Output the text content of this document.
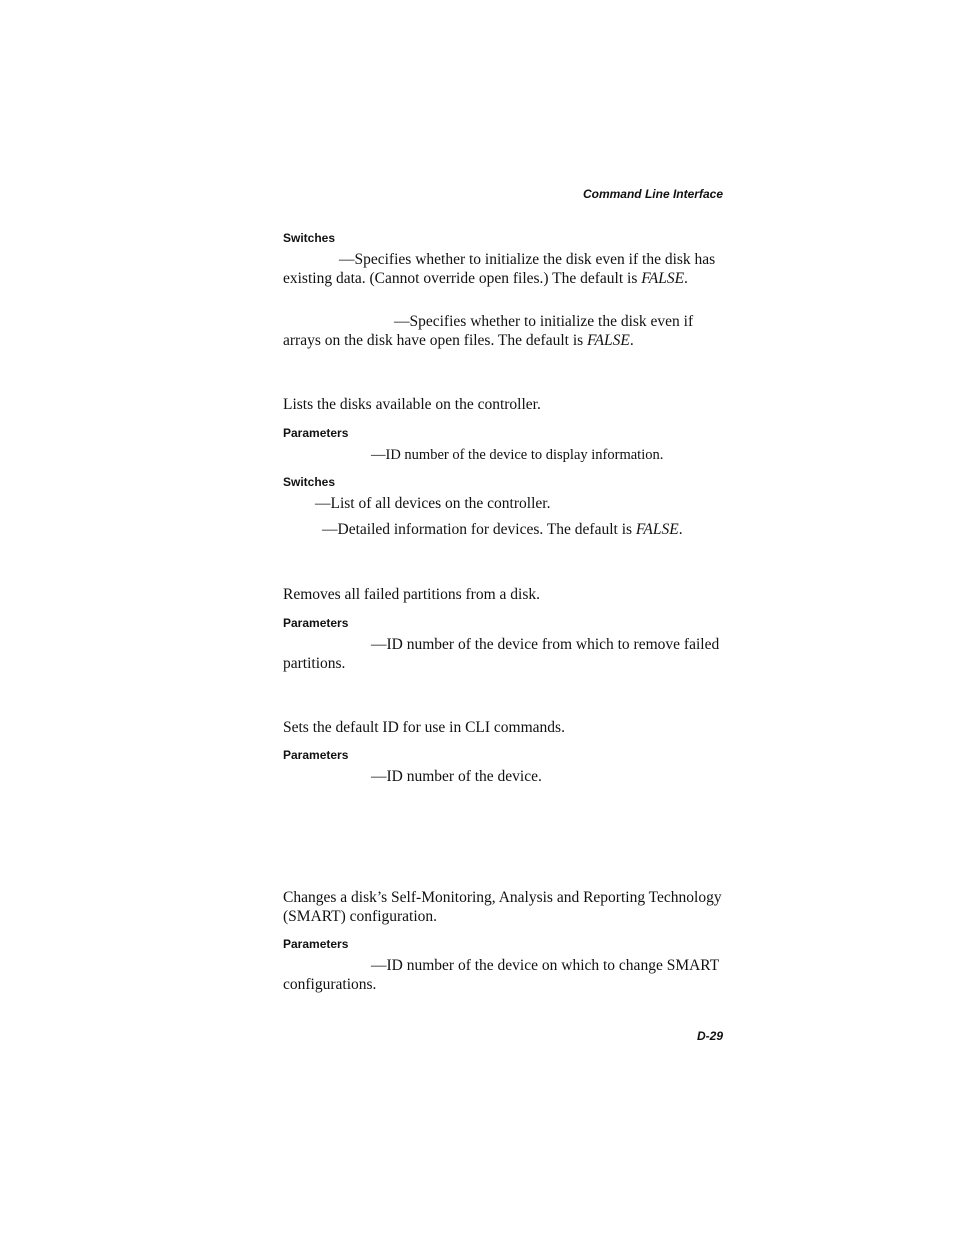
Command Line Interface
Switches
—Specifies whether to initialize the disk even if the disk has existing data. (Cannot override open files.) The default is FALSE.
—Specifies whether to initialize the disk even if arrays on the disk have open files. The default is FALSE.
Lists the disks available on the controller.
Parameters
—ID number of the device to display information.
Switches
—List of all devices on the controller.
—Detailed information for devices. The default is FALSE.
Removes all failed partitions from a disk.
Parameters
—ID number of the device from which to remove failed partitions.
Sets the default ID for use in CLI commands.
Parameters
—ID number of the device.
Changes a disk’s Self-Monitoring, Analysis and Reporting Technology (SMART) configuration.
Parameters
—ID number of the device on which to change SMART configurations.
D-29
